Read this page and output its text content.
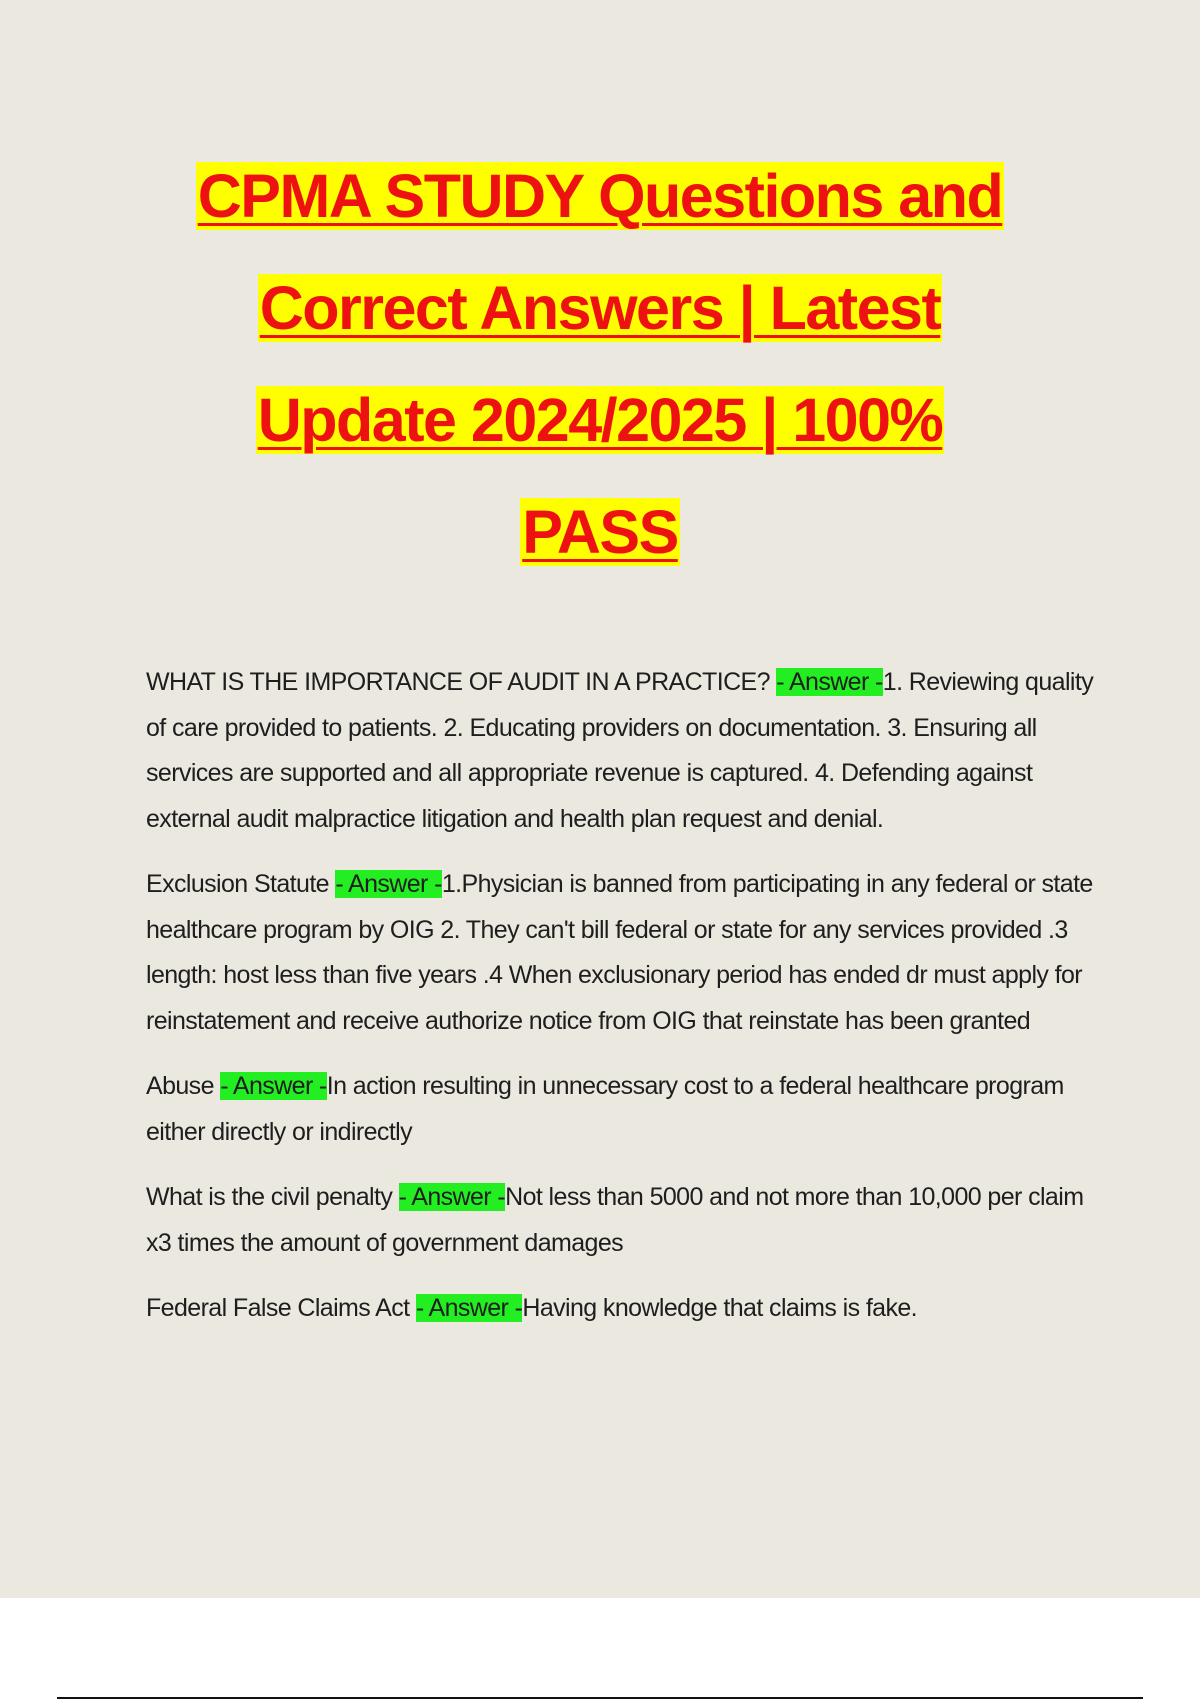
CPMA STUDY Questions and
Correct Answers | Latest
Update 2024/2025 | 100%
PASS

WHAT IS THE IMPORTANCE OF AUDIT IN A PRACTICE? - Answer -1. Reviewing quality of care provided to patients. 2. Educating providers on documentation. 3. Ensuring all services are supported and all appropriate revenue is captured. 4. Defending against external audit malpractice litigation and health plan request and denial.

Exclusion Statute - Answer -1.Physician is banned from participating in any federal or state healthcare program by OIG 2. They can't bill federal or state for any services provided .3 length: host less than five years .4 When exclusionary period has ended dr must apply for reinstatement and receive authorize notice from OIG that reinstate has been granted

Abuse - Answer -In action resulting in unnecessary cost to a federal healthcare program either directly or indirectly

What is the civil penalty - Answer -Not less than 5000 and not more than 10,000 per claim x3 times the amount of government damages

Federal False Claims Act - Answer -Having knowledge that claims is fake.
